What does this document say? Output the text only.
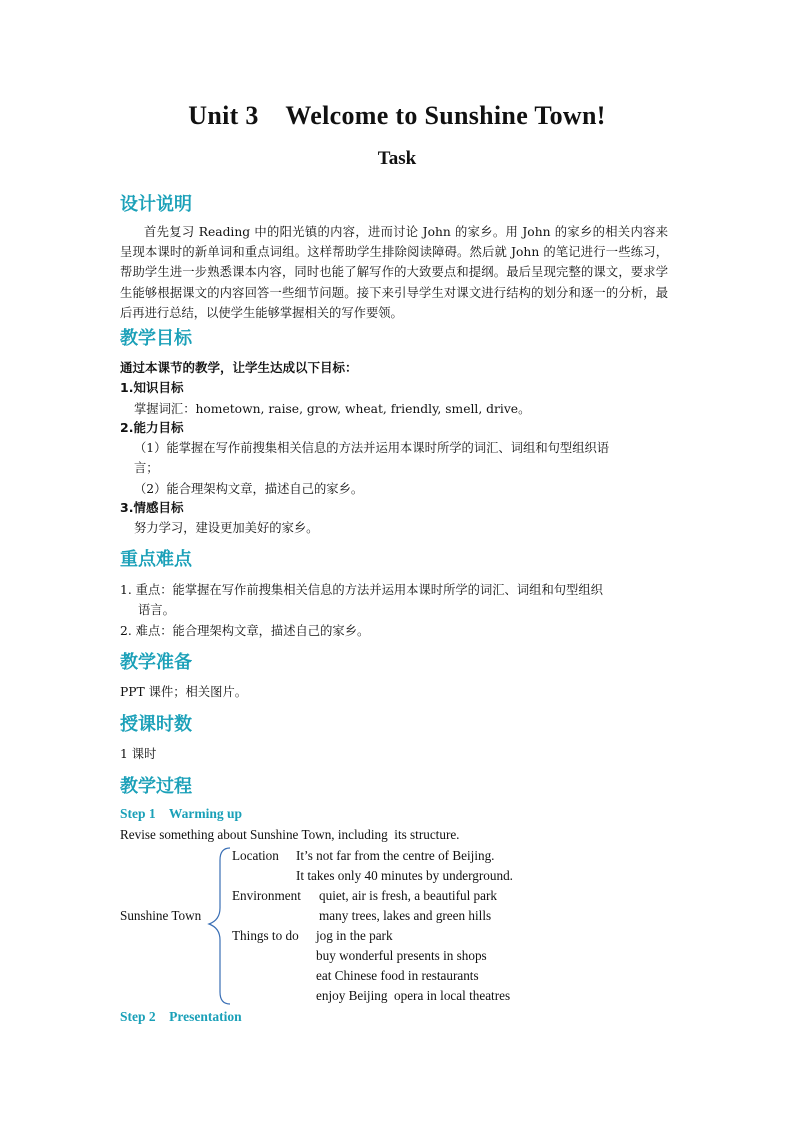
Unit 3    Welcome to Sunshine Town!
Task
设计说明
首先复习 Reading 中的阳光镇的内容，进而讨论 John 的家乡。用 John 的家乡的相关内容来呈现本课时的新单词和重点词组。这样帮助学生排除阅读障碍。然后就 John 的笔记进行一些练习，帮助学生进一步熟悉课本内容，同时也能了解写作的大致要点和提纲。最后呈现完整的课文，要求学生能够根据课文的内容回答一些细节问题。接下来引导学生对课文进行结构的划分和逐一的分析，最后再进行总结，以使学生能够掌握相关的写作要领。
教学目标
通过本课节的教学，让学生达成以下目标：
1.知识目标
掌握词汇：hometown, raise, grow, wheat, friendly, smell, drive。
2.能力目标
（1）能掌握在写作前搜集相关信息的方法并运用本课时所学的词汇、词组和句型组织语
言；
（2）能合理架构文章，描述自己的家乡。
3.情感目标
努力学习，建设更加美好的家乡。
重点难点
1. 重点：能掌握在写作前搜集相关信息的方法并运用本课时所学的词汇、词组和句型组织
语言。
2. 难点：能合理架构文章，描述自己的家乡。
教学准备
PPT 课件；相关图片。
授课时数
1 课时
教学过程
Step 1    Warming up
Revise something about Sunshine Town, including  its structure.
Sunshine Town
Location It’s not far from the centre of Beijing.
It takes only 40 minutes by underground.
Environment quiet, air is fresh, a beautiful park
many trees, lakes and green hills
Things to do jog in the park
buy wonderful presents in shops
eat Chinese food in restaurants
enjoy Beijing  opera in local theatres
Step 2    Presentation
